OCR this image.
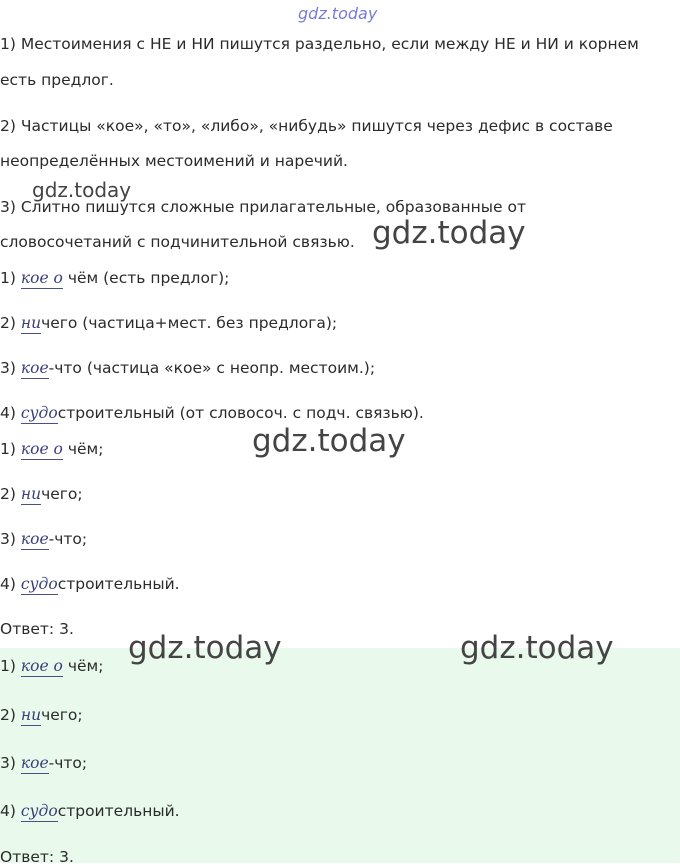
gdz.today
gdz.today
gdz.today
gdz.today
gdz.today	gdz.today
1) Местоимения с НЕ и НИ пишутся раздельно, если между НЕ и НИ и корнем
есть предлог.
2) Частицы «кое», «то», «либо», «нибудь» пишутся через дефис в составе
неопределённых местоимений и наречий.
3) Слитно пишутся сложные прилагательные, образованные от
словосочетаний с подчинительной связью.
1) кое о чём (есть предлог);
2) ничего (частица+мест. без предлога);
3) кое-что (частица «кое» с неопр. местоим.);
4) судостроительный (от словосоч. с подч. связью).
1) кое о чём;
2) ничего;
3) кое-что;
4) судостроительный.
Ответ: 3.
1) кое о чём;
2) ничего;
3) кое-что;
4) судостроительный.
Ответ: 3.
